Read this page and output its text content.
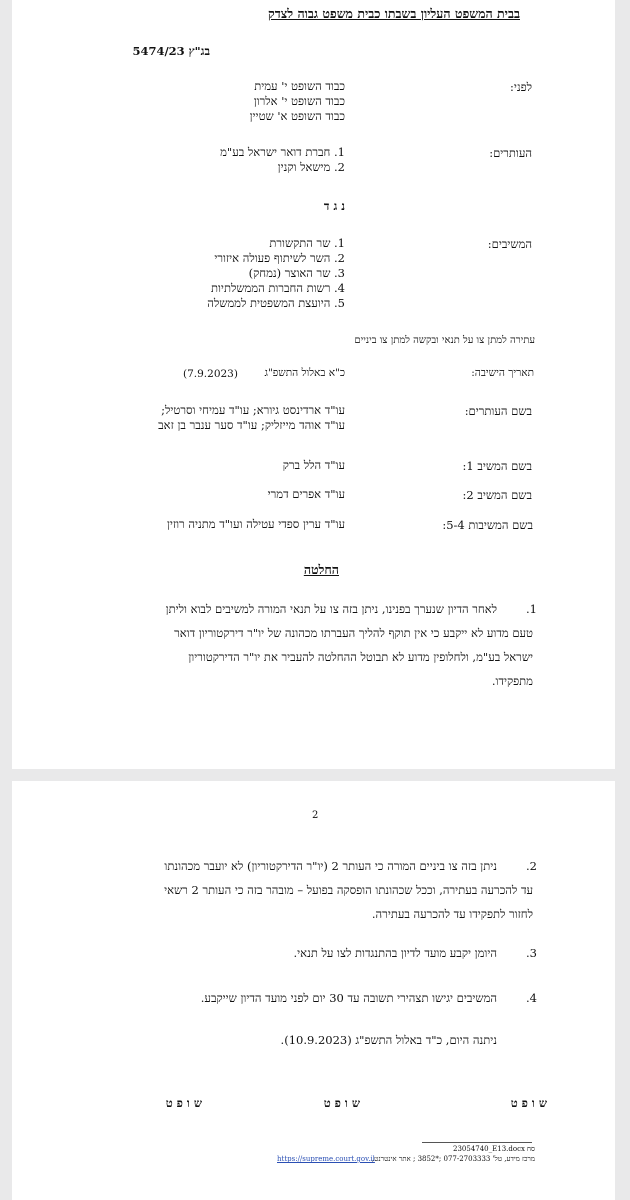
בבית המשפט העליון בשבתו כבית משפט גבוה לצדק
בג"ץ 5474/23
לפני:
כבוד השופט י' עמית
כבוד השופט י' אלרון
כבוד השופט א' שטיין
העותרים:
1. חברת דואר ישראל בע"מ
2. מישאל וקנין
נ ג ד
המשיבים:
1. שר התקשורת
2. השר לשיתוף פעולה איזורי
3. שר האוצר (נמחק)
4. רשות החברות הממשלתיות
5. היועצת המשפטית לממשלה
עתירה למתן צו על תנאי ובקשה למתן צו ביניים
תאריך הישיבה:
כ"א באלול התשפ"ג
(7.9.2023)
בשם העותרים:
עו"ד ארדינסט גיורא; עו"ד עמיחי וסרטיל;
עו"ד אוהד מייזליק; עו"ד סער ענבר בן זאב
בשם המשיב 1:
עו"ד הלל ברק
בשם המשיב 2:
עו"ד אפרים דמרי
בשם המשיבות 5-4:
עו"ד ערין ספדי עטילה ועו"ד מתניה רוזין
החלטה
1.
לאחר הדיון שנערך בפנינו, ניתן בזה צו על תנאי המורה למשיבים לבוא וליתן
טעם מדוע לא ייקבע כי אין תוקף להליך העברתו מכהונה של יו"ר דירקטוריון דואר
ישראל בע"מ, ולחלופין מדוע לא תבוטל ההחלטה להעביר את יו"ר הדירקטוריון
מתפקידו.
2
2.
ניתן בזה צו ביניים המורה כי העותר 2 (יו"ר הדירקטוריון) לא יועבר מכהונתו
עד להכרעה בעתירה, וככל שכהונתו הופסקה בפועל – מובהר בזה כי העותר 2 רשאי
לחזור לתפקידו עד להכרעה בעתירה.
3.
היומן יקבע מועד לדיון בהתנגדות לצו על תנאי.
4.
המשיבים יגישו תצהירי תשובה עד 30 יום לפני מועד הדיון שייקבע.
ניתנה היום, כ"ד באלול התשפ"ג (10.9.2023).
ש ו פ ט
ש ו פ ט
ש ו פ ט
סח
23054740_E13.docx
מרכז מידע, טל' 077-2703333 ;*3852 ; אתר אינטרנט,
https://supreme.court.gov.il
